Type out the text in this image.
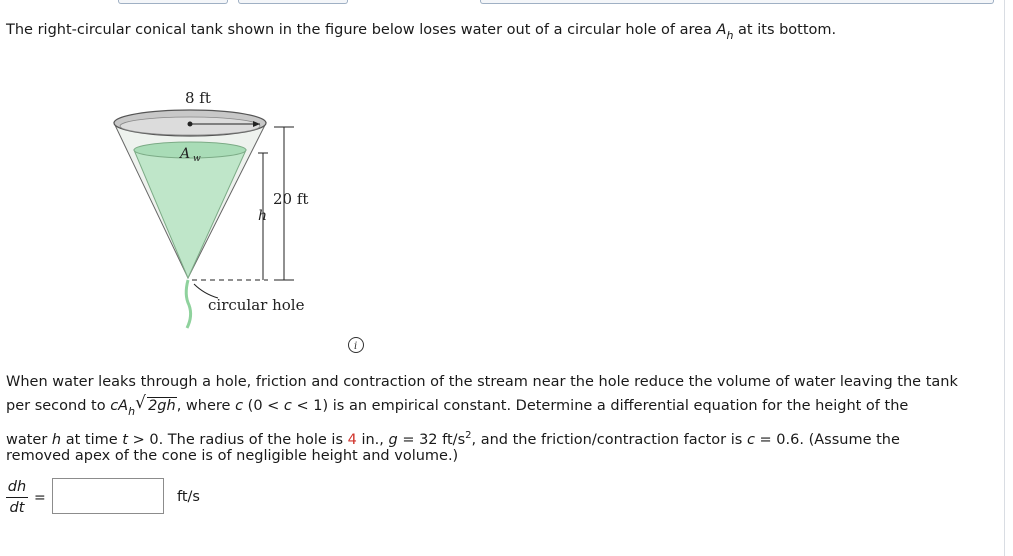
The right-circular conical tank shown in the figure below loses water out of a circular hole of area $A_h$ at its bottom.
8 ft
A w
20 ft
h
circular hole
i
When water leaks through a hole, friction and contraction of the stream near the hole reduce the volume of water leaving the tank
per second to $cA_h√$ 2gh, where c (0 < c < 1) is an empirical constant. Determine a differential equation for the height of the
water h at time t > 0. The radius of the hole is 4 in., g = 32 $ft/s^2$, and the friction/contraction factor is c = 0.6. (Assume the
removed apex of the cone is of negligible height and volume.)
$\frac{dh}{dt}$ =	ft/s
